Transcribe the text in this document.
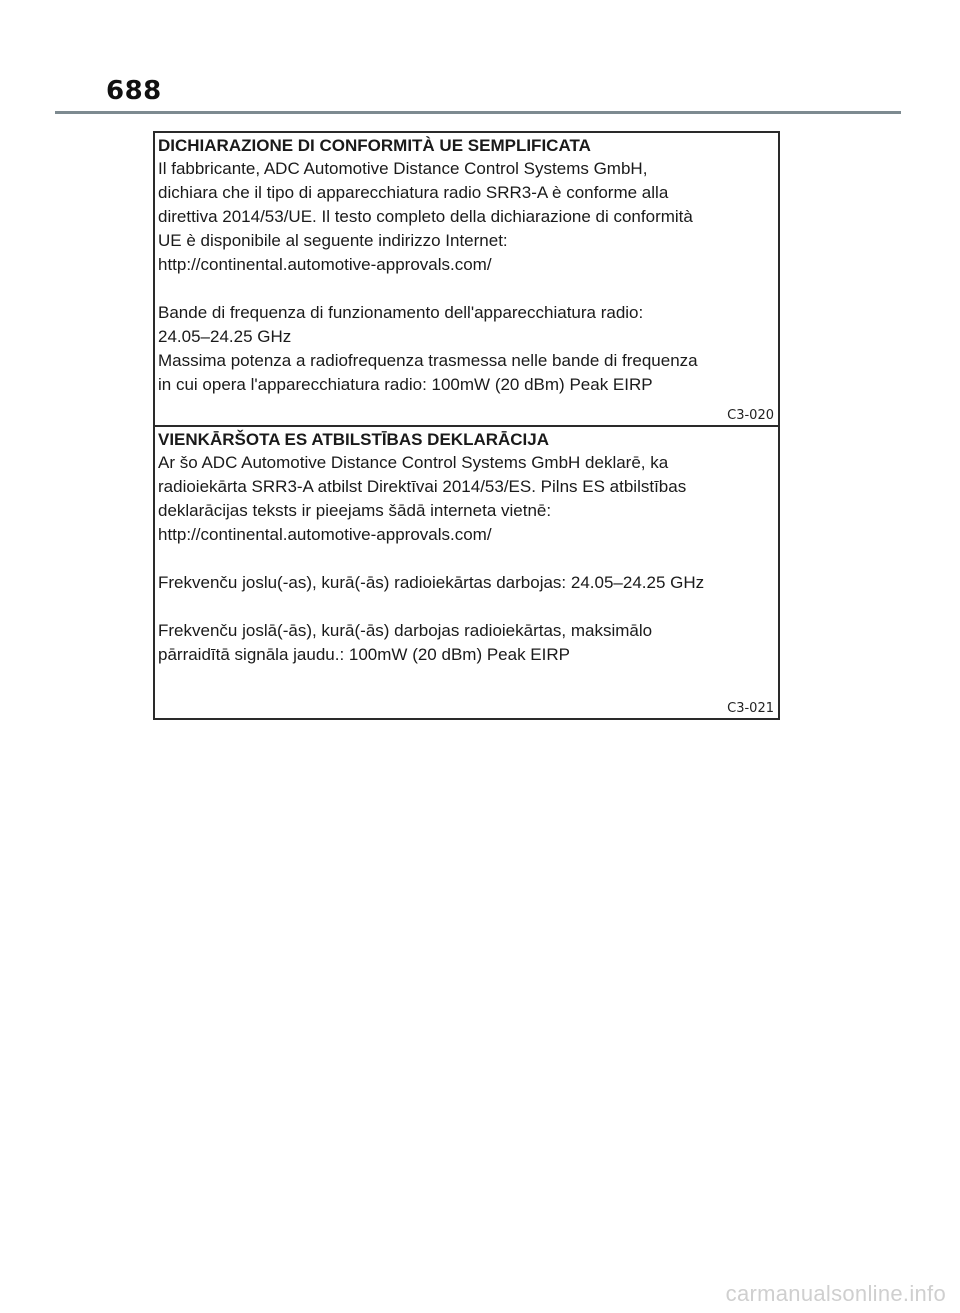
688
DICHIARAZIONE DI CONFORMITÀ UE SEMPLIFICATA
Il fabbricante, ADC Automotive Distance Control Systems GmbH,
dichiara che il tipo di apparecchiatura radio SRR3-A è conforme alla
direttiva 2014/53/UE. Il testo completo della dichiarazione di conformità
UE è disponibile al seguente indirizzo Internet:
http://continental.automotive-approvals.com/
Bande di frequenza di funzionamento dell'apparecchiatura radio:
24.05–24.25 GHz
Massima potenza a radiofrequenza trasmessa nelle bande di frequenza
in cui opera l'apparecchiatura radio: 100mW (20 dBm) Peak EIRP
C3-020
VIENKĀRŠOTA ES ATBILSTĪBAS DEKLARĀCIJA
Ar šo ADC Automotive Distance Control Systems GmbH deklarē, ka
radioiekārta SRR3-A atbilst Direktīvai 2014/53/ES. Pilns ES atbilstības
deklarācijas teksts ir pieejams šādā interneta vietnē:
http://continental.automotive-approvals.com/
Frekvenču joslu(-as), kurā(-ās) radioiekārtas darbojas: 24.05–24.25 GHz
Frekvenču joslā(-ās), kurā(-ās) darbojas radioiekārtas, maksimālo
pārraidītā signāla jaudu.: 100mW (20 dBm) Peak EIRP
C3-021
carmanualsonline.info
